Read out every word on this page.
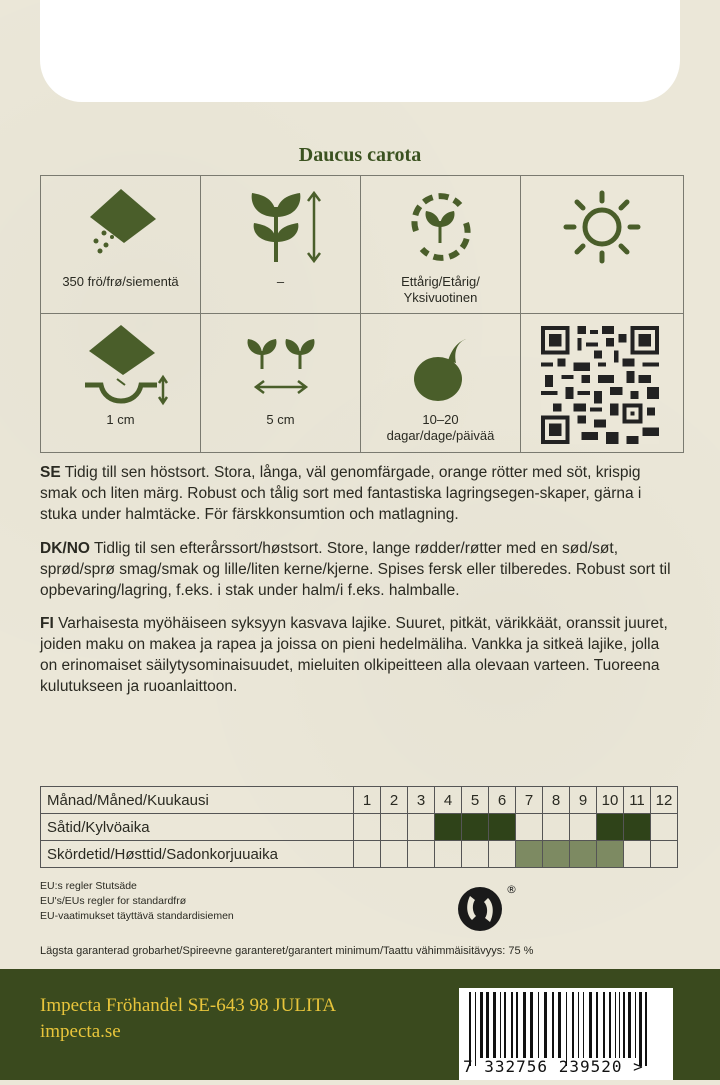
Daucus carota
350 frö/frø/siementä	–	Ettårig/Etårig/
Yksivuotinen
1 cm	5 cm	10–20
dagar/dage/päivää
SE Tidig till sen höstsort. Stora, långa, väl genomfärgade, orange rötter med söt, krispig smak och liten märg. Robust och tålig sort med fantastiska lagringsegen-skaper, gärna i stuka under halmtäcke. För färskkonsumtion och matlagning.
DK/NO Tidlig til sen efterårssort/høstsort. Store, lange rødder/røtter med en sød/søt, sprød/sprø smag/smak og lille/liten kerne/kjerne. Spises fersk eller tilberedes. Robust sort til opbevaring/lagring, f.eks. i stak under halm/i f.eks. halmballe.
FI Varhaisesta myöhäiseen syksyyn kasvava lajike. Suuret, pitkät, värikkäät, oranssit juuret, joiden maku on makea ja rapea ja joissa on pieni hedelmäliha. Vankka ja sitkeä lajike, jolla on erinomaiset säilytysominaisuudet, mieluiten olkipeitteen alla olevaan varteen. Tuoreena kulutukseen ja ruoanlaittoon.
Månad/Måned/Kuukausi	1	2	3	4	5	6	7	8	9	10	11	12
Såtid/Kylvöaika												
Skördetid/Høsttid/Sadonkorjuuaika												
EU:s regler Stutsäde
EU's/EUs regler for standardfrø
EU-vaatimukset täyttävä standardisiemen
®
Lägsta garanterad grobarhet/Spireevne garanteret/garantert minimum/Taattu vähimmäisitävyys: 75 %
Impecta Fröhandel SE-643 98 JULITA
impecta.se
7 332756 239520 >
